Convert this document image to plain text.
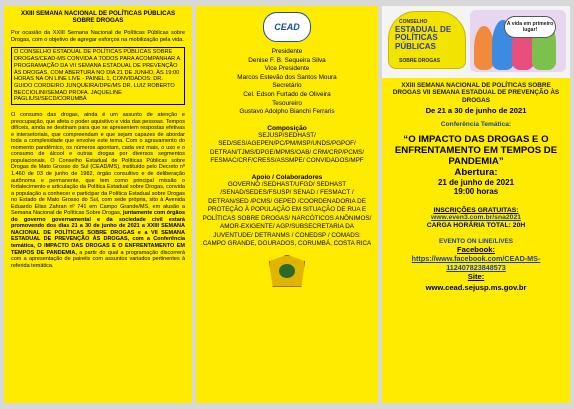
XXIII SEMANA NACIONAL DE POLÍTICAS PÚBLICAS SOBRE DROGAS

Por ocasião da XXIII Semana Nacional de Políticas Públicas sobre Drogas, com o objetivo de agregar esforços na mobilização pela vida.

O CONSELHO ESTADUAL DE POLÍTICAS PÚBLICAS SOBRE DROGAS/CEAD-MS CONVIDA A TODOS PARA ACOMPANHAR A PROGRAMAÇÃO DA VII SEMANA ESTADUAL DE PREVENÇÃO ÀS DROGAS, COM ABERTURA NO DIA 21 DE JUNHO, ÀS 19:00 HORAS NA ON LINE LIVE - PAINEL 1, CONVIDADOS: DR. GUIDO CORDEIRO JUNQUEIRA/DPE/MS DR. LUIZ ROBERTO BECCIOLINI/SEMAD PROFA. JAQUELINE PAGLIUSI/SECD/CORUMBÁ

O consumo das drogas, ainda é um assunto de atenção e preocupação, que afeta o poder aquisitivo e vida das pessoas. Tempos difíceis, ainda se destinam para que se apresentem respostas efetivas e intersetoriais, que compreendam e que sejam capazes de abordar toda a complexidade que envolve este tema. Com o agravamento do momento pandêmico, os números apontam, cada vez mais, o uso e o consumo de álcool e outras drogas por diversos segmentos populacionais. O Conselho Estadual de Políticas Públicas sobre Drogas de Mato Grosso do Sul (CEAD/MS), instituído pelo Decreto nº 1.460 de 03 de junho de 1982, órgão consultivo e de deliberação autônoma e permanente, que tem como principal missão o fortalecimento e articulação da Política Estadual sobre Drogas, convida a população a conhecer e participar da Política Estadual sobre Drogas no Estado de Mato Grosso do Sul, com sede própria, sito à Avenida Eduardo Elias Zahran nº 741 em Campo Grande/MS, em alusão a Semana Nacional de Políticas Sobre Drogas, juntamente com órgãos do governo governamental e da sociedade civil estará promovendo dos dias 21 a 30 de junho de 2021 a XXIII SEMANA NACIONAL DE POLÍTICAS SOBRE DROGAS e a VII SEMANA ESTADUAL DE PREVENÇÃO ÀS DROGAS, com a Conferência temática, O IMPACTO DAS DROGAS E O ENFRENTAMENTO EM TEMPOS DE PANDEMIA, a partir do qual a programação discorrerá com a apresentação de painéis com assuntos variados pertinentes à referida temática.

CEAD
Presidente
Denise F. B. Sequeira Silva
Vice Presidente
Marcos Estevão dos Santos Moura
Secretário
Cel. Edson Furtado de Oliveira
Tesoureiro
Gustavo Adolpho Bianchi Ferraris
Composição
SEJUSP/SEDHAST/ SED/SES/AGEPEN/PC/PM/MSP/UNDS/PGPOF/ DETRAN/TJMS/DPGE/MPMS/OAB/ CRM/CRP/PCMS/ FESMAC/CRF/CRESS/ASSMPE/ CONVIDADOS/MPF
Apoio / Colaboradores
GOVERNO /SEDHAST/UFGD/ SEDHAST /SENAD/SEDES/FSUSP/ SENAD / FESMACT / DETRAN/SED /PCMS/ GEPED /COORDENADORIA DE PROTEÇÃO À POPULAÇÃO EM SITUAÇÃO DE RUA E POLÍTICAS SOBRE DROGAS/ NARCÓTICOS ANÔNIMOS/ AMOR-EXIGENTE/ AGP/SUBSECRETARIA DA JUVENTUDE/ DETRANMS / CONEDSP / COMADS: CAMPO GRANDE, DOURADOS, CORUMBÁ, COSTA RICA
CONSELHO
ESTADUAL DE POLÍTICAS PÚBLICAS
SOBRE DROGAS
A vida em primeiro lugar!
XXIII SEMANA NACIONAL DE POLÍTICAS SOBRE DROGAS VII SEMANA ESTADUAL DE PREVENÇÃO ÀS DROGAS
De 21 a 30 de junho de 2021
Conferência Temática:
“O IMPACTO DAS DROGAS E O ENFRENTAMENTO EM TEMPOS DE PANDEMIA”
Abertura:
21 de junho de 2021
19:00 horas
INSCRIÇÕES GRATUITAS:
www.even3.com.br/sna2021
CARGA HORÁRIA TOTAL: 20H
EVENTO ON LINE/LIVES
Facebook:
https://www.facebook.com/CEAD-MS-112407823848573
Site:
www.cead.sejusp.ms.gov.br
